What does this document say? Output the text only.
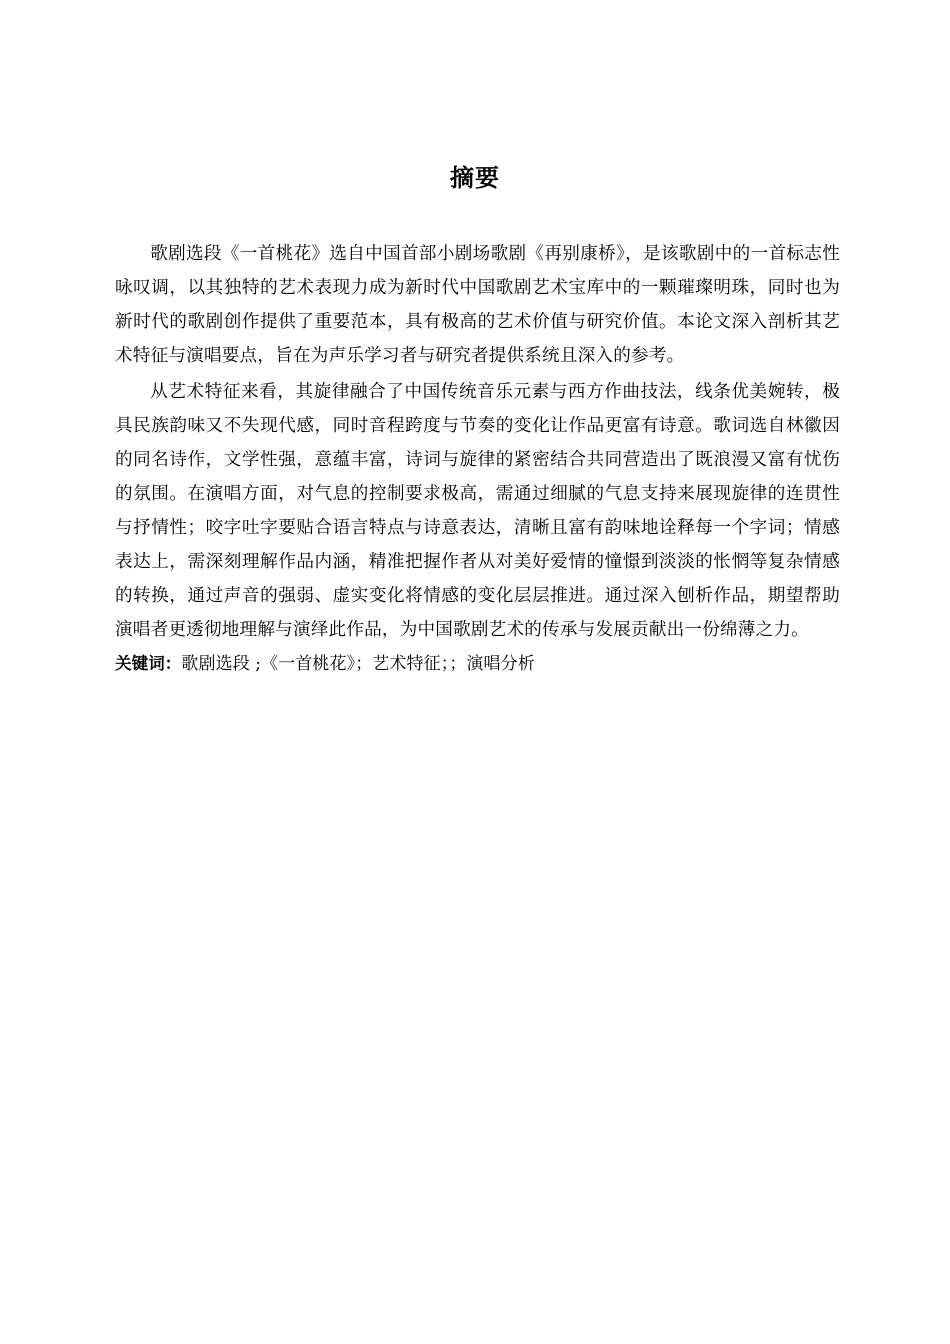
摘要

歌剧选段《一首桃花》选自中国首部小剧场歌剧《再别康桥》，是该歌剧中的一首标志性咏叹调，以其独特的艺术表现力成为新时代中国歌剧艺术宝库中的一颗璀璨明珠，同时也为新时代的歌剧创作提供了重要范本，具有极高的艺术价值与研究价值。本论文深入剖析其艺术特征与演唱要点，旨在为声乐学习者与研究者提供系统且深入的参考。

从艺术特征来看，其旋律融合了中国传统音乐元素与西方作曲技法，线条优美婉转，极具民族韵味又不失现代感，同时音程跨度与节奏的变化让作品更富有诗意。歌词选自林徽因的同名诗作，文学性强，意蕴丰富，诗词与旋律的紧密结合共同营造出了既浪漫又富有忧伤的氛围。在演唱方面，对气息的控制要求极高，需通过细腻的气息支持来展现旋律的连贯性与抒情性；咬字吐字要贴合语言特点与诗意表达，清晰且富有韵味地诠释每一个字词；情感表达上，需深刻理解作品内涵，精准把握作者从对美好爱情的憧憬到淡淡的怅惘等复杂情感的转换，通过声音的强弱、虚实变化将情感的变化层层推进。通过深入刨析作品，期望帮助演唱者更透彻地理解与演绎此作品，为中国歌剧艺术的传承与发展贡献出一份绵薄之力。

关键词：歌剧选段 ;《一首桃花》；艺术特征；；演唱分析
